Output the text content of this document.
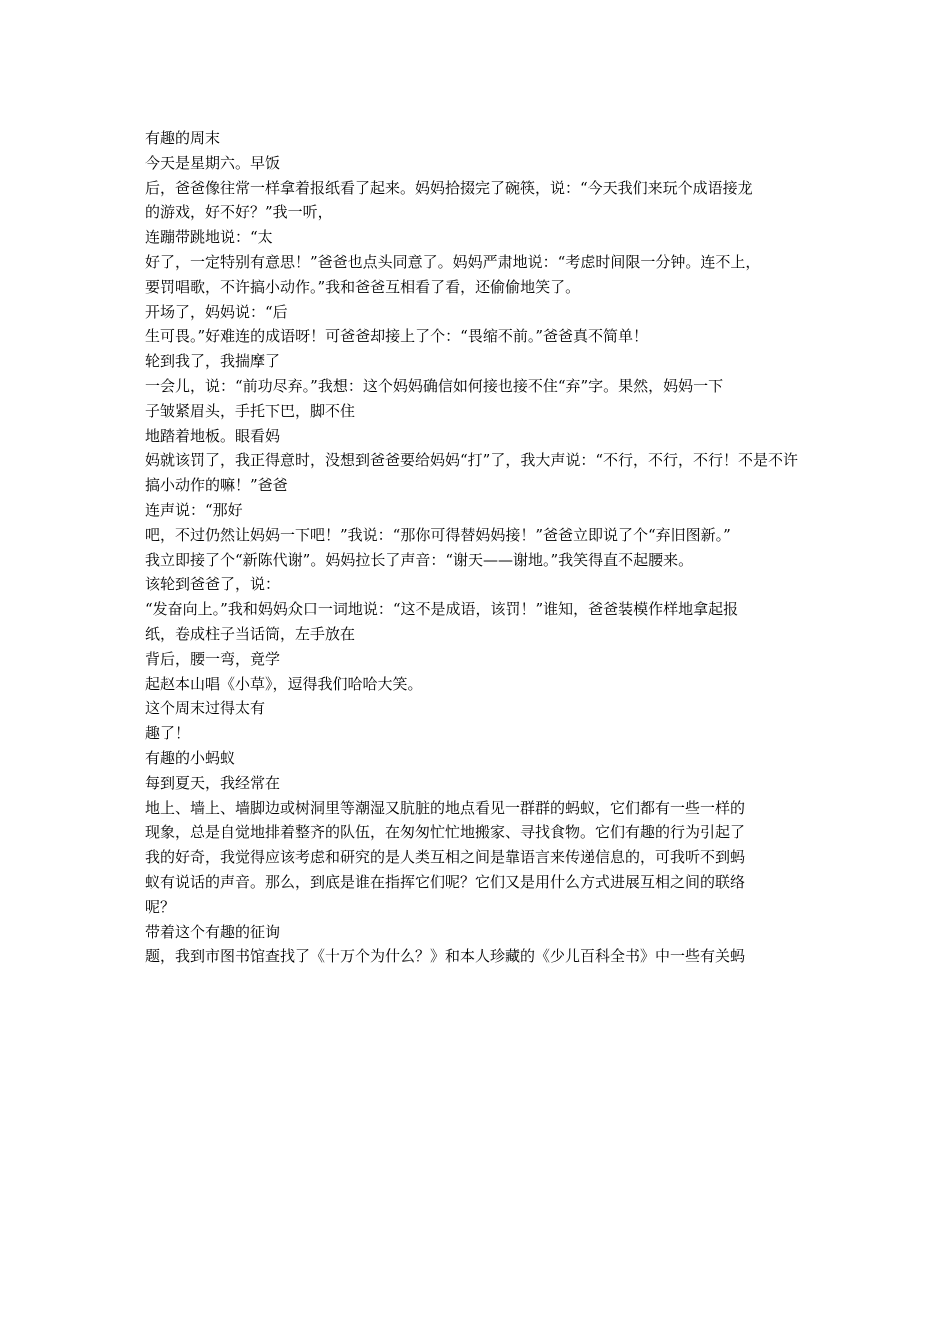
有趣的周末
今天是星期六。早饭
后，爸爸像往常一样拿着报纸看了起来。妈妈拾掇完了碗筷，说：“今天我们来玩个成语接龙
的游戏，好不好？”我一听，
连蹦带跳地说：“太
好了，一定特别有意思！”爸爸也点头同意了。妈妈严肃地说：“考虑时间限一分钟。连不上，
要罚唱歌，不许搞小动作。”我和爸爸互相看了看，还偷偷地笑了。
开场了，妈妈说：“后
生可畏。”好难连的成语呀！可爸爸却接上了个：“畏缩不前。”爸爸真不简单！
轮到我了，我揣摩了
一会儿，说：“前功尽弃。”我想：这个妈妈确信如何接也接不住“弃”字。果然，妈妈一下
子皱紧眉头，手托下巴，脚不住
地踏着地板。眼看妈
妈就该罚了，我正得意时，没想到爸爸要给妈妈“打”了，我大声说：“不行，不行，不行！不是不许搞小动作的嘛！”爸爸
连声说：“那好
吧，不过仍然让妈妈一下吧！”我说：“那你可得替妈妈接！”爸爸立即说了个“弃旧图新。”
我立即接了个“新陈代谢”。妈妈拉长了声音：“谢天——谢地。”我笑得直不起腰来。
该轮到爸爸了，说：
“发奋向上。”我和妈妈众口一词地说：“这不是成语，该罚！”谁知，爸爸装模作样地拿起报
纸，卷成柱子当话筒，左手放在
背后，腰一弯，竟学
起赵本山唱《小草》，逗得我们哈哈大笑。
这个周末过得太有
趣了！
有趣的小蚂蚁
每到夏天，我经常在
地上、墙上、墙脚边或树洞里等潮湿又肮脏的地点看见一群群的蚂蚁，它们都有一些一样的
现象，总是自觉地排着整齐的队伍，在匆匆忙忙地搬家、寻找食物。它们有趣的行为引起了
我的好奇，我觉得应该考虑和研究的是人类互相之间是靠语言来传递信息的，可我听不到蚂
蚁有说话的声音。那么，到底是谁在指挥它们呢？它们又是用什么方式进展互相之间的联络
呢？
带着这个有趣的征询
题，我到市图书馆查找了《十万个为什么？》和本人珍藏的《少儿百科全书》中一些有关蚂
